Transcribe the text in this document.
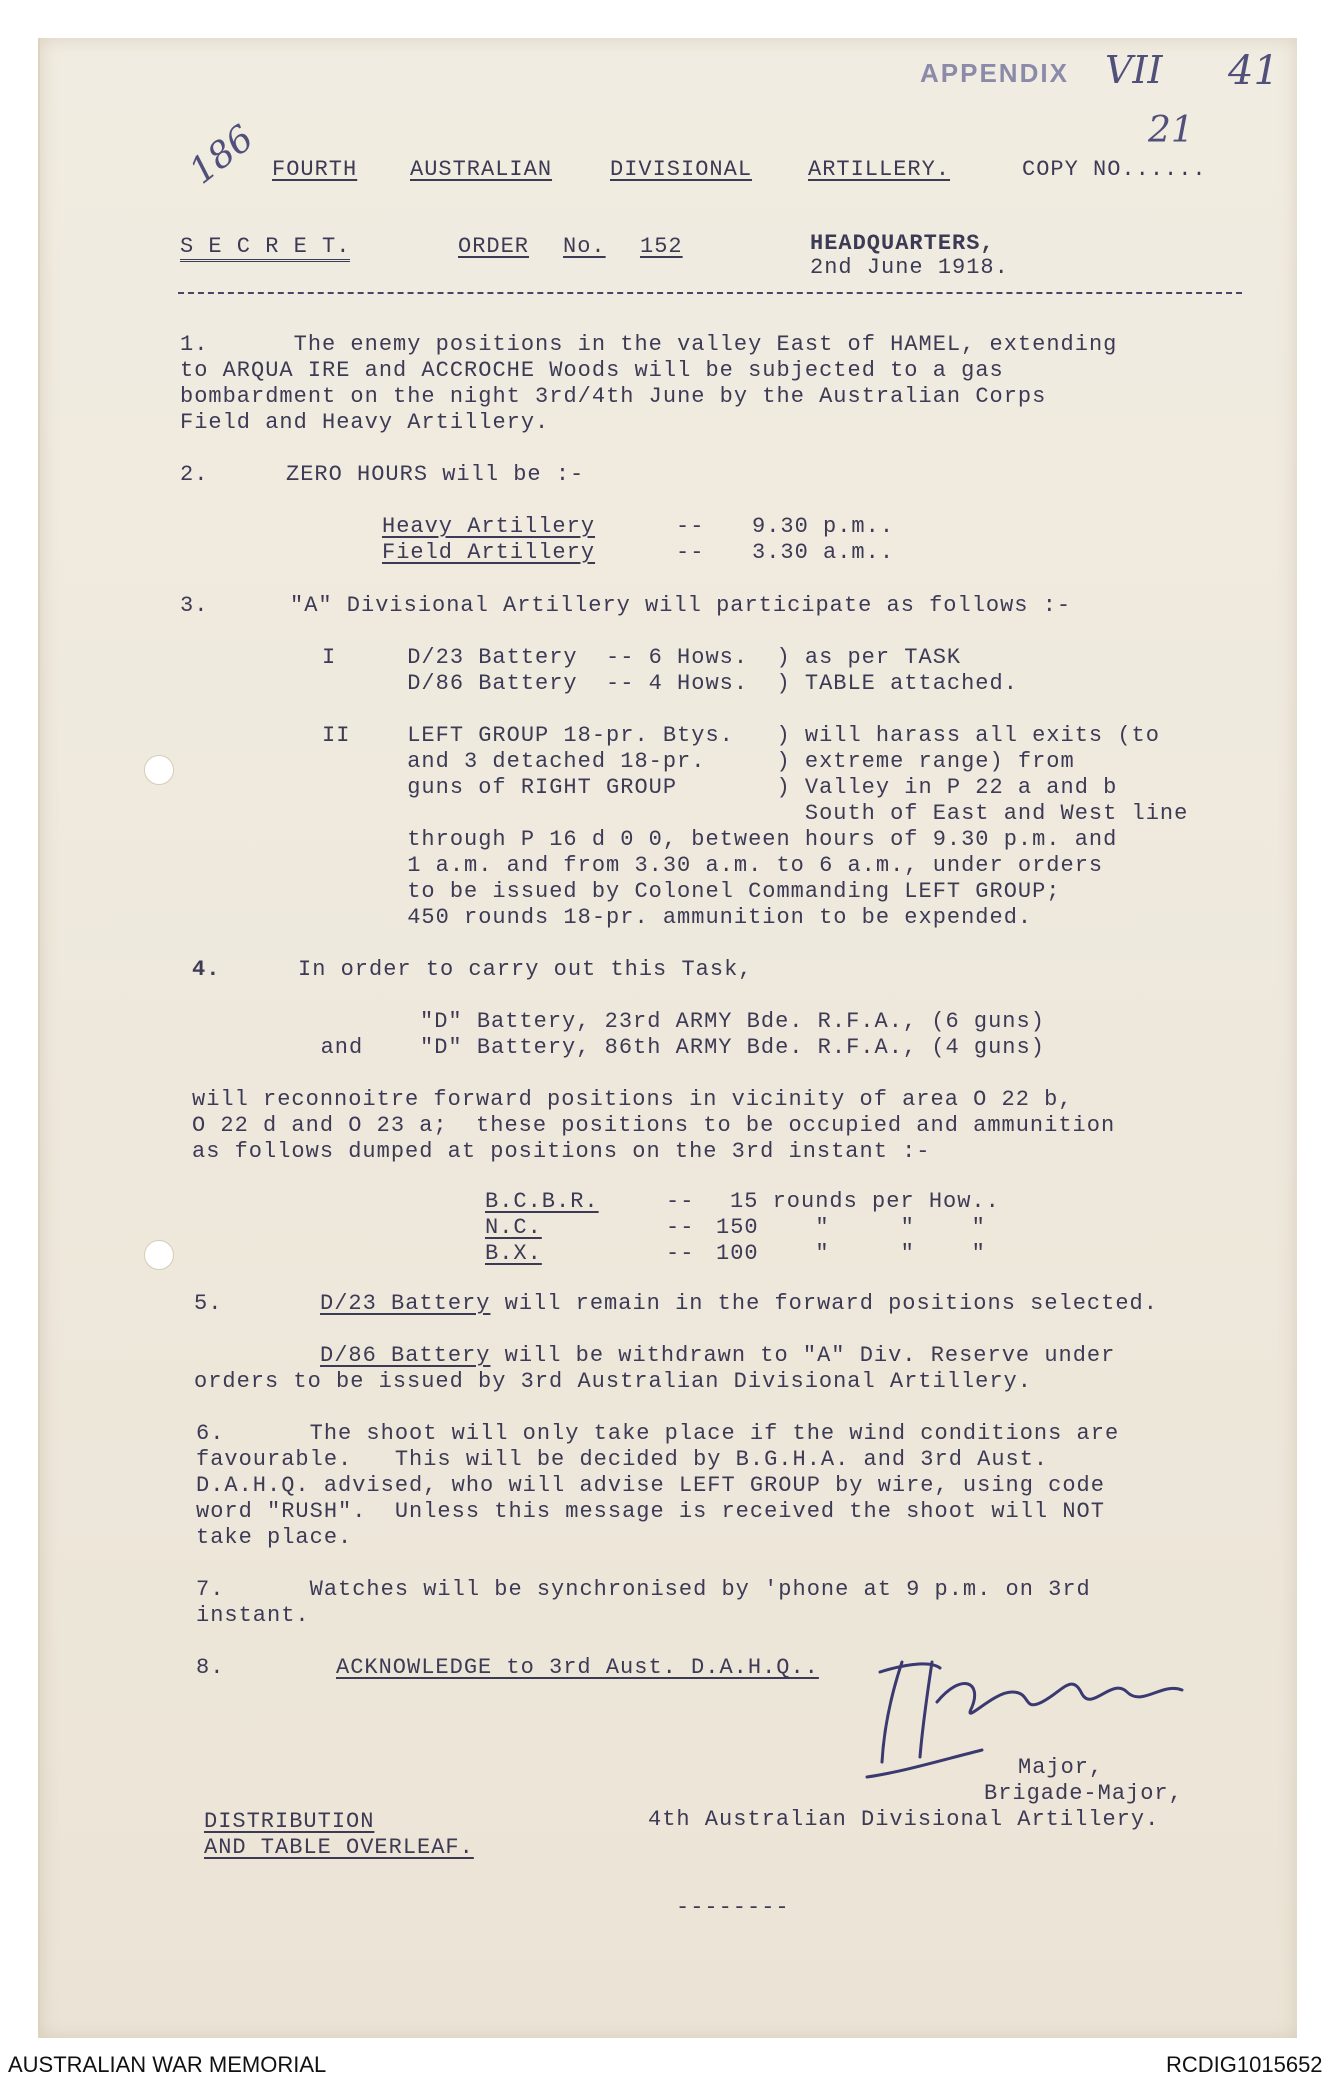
APPENDIX VII 41
21
186 FOURTH AUSTRALIAN	DIVISIONAL	ARTILLERY.	COPY NO......
S E C R E T.	ORDER No. 152	HEADQUARTERS,
2nd June 1918.
1.      The enemy positions in the valley East of HAMEL, extending
to ARQUA IRE and ACCROCHE Woods will be subjected to a gas
bombardment on the night 3rd/4th June by the Australian Corps
Field and Heavy Artillery.
2.	ZERO HOURS will be :-
Heavy Artillery	-- 9.30 p.m..
Field Artillery	-- 3.30 a.m..
3.	"A" Divisional Artillery will participate as follows :-
I     D/23 Battery  -- 6 Hows.  ) as per TASK
D/86 Battery  -- 4 Hows.  ) TABLE attached.
II    LEFT GROUP 18-pr. Btys.   ) will harass all exits (to
and 3 detached 18-pr.     ) extreme range) from
guns of RIGHT GROUP       ) Valley in P 22 a and b
South of East and West line
through P 16 d 0 0, between hours of 9.30 p.m. and
1 a.m. and from 3.30 a.m. to 6 a.m., under orders
to be issued by Colonel Commanding LEFT GROUP;
450 rounds 18-pr. ammunition to be expended.
4.	In order to carry out this Task,
"D" Battery, 23rd ARMY Bde. R.F.A., (6 guns)
and    "D" Battery, 86th ARMY Bde. R.F.A., (4 guns)
will reconnoitre forward positions in vicinity of area O 22 b,
O 22 d and O 23 a;  these positions to be occupied and ammunition
as follows dumped at positions on the 3rd instant :-
B.C.B.R.	-- 15 rounds per How..
N.C.	-- 150    "     "    "
B.X.	-- 100    "     "    "
5.	D/23 Battery will remain in the forward positions selected.
D/86 Battery will be withdrawn to "A" Div. Reserve under
orders to be issued by 3rd Australian Divisional Artillery.
6.      The shoot will only take place if the wind conditions are
favourable.   This will be decided by B.G.H.A. and 3rd Aust.
D.A.H.Q. advised, who will advise LEFT GROUP by wire, using code
word "RUSH".  Unless this message is received the shoot will NOT
take place.
7.      Watches will be synchronised by 'phone at 9 p.m. on 3rd
instant.
8.	ACKNOWLEDGE to 3rd Aust. D.A.H.Q..
Major,
Brigade-Major,
4th Australian Divisional Artillery.
DISTRIBUTION
AND TABLE OVERLEAF.
--------
AUSTRALIAN WAR MEMORIAL	RCDIG1015652
